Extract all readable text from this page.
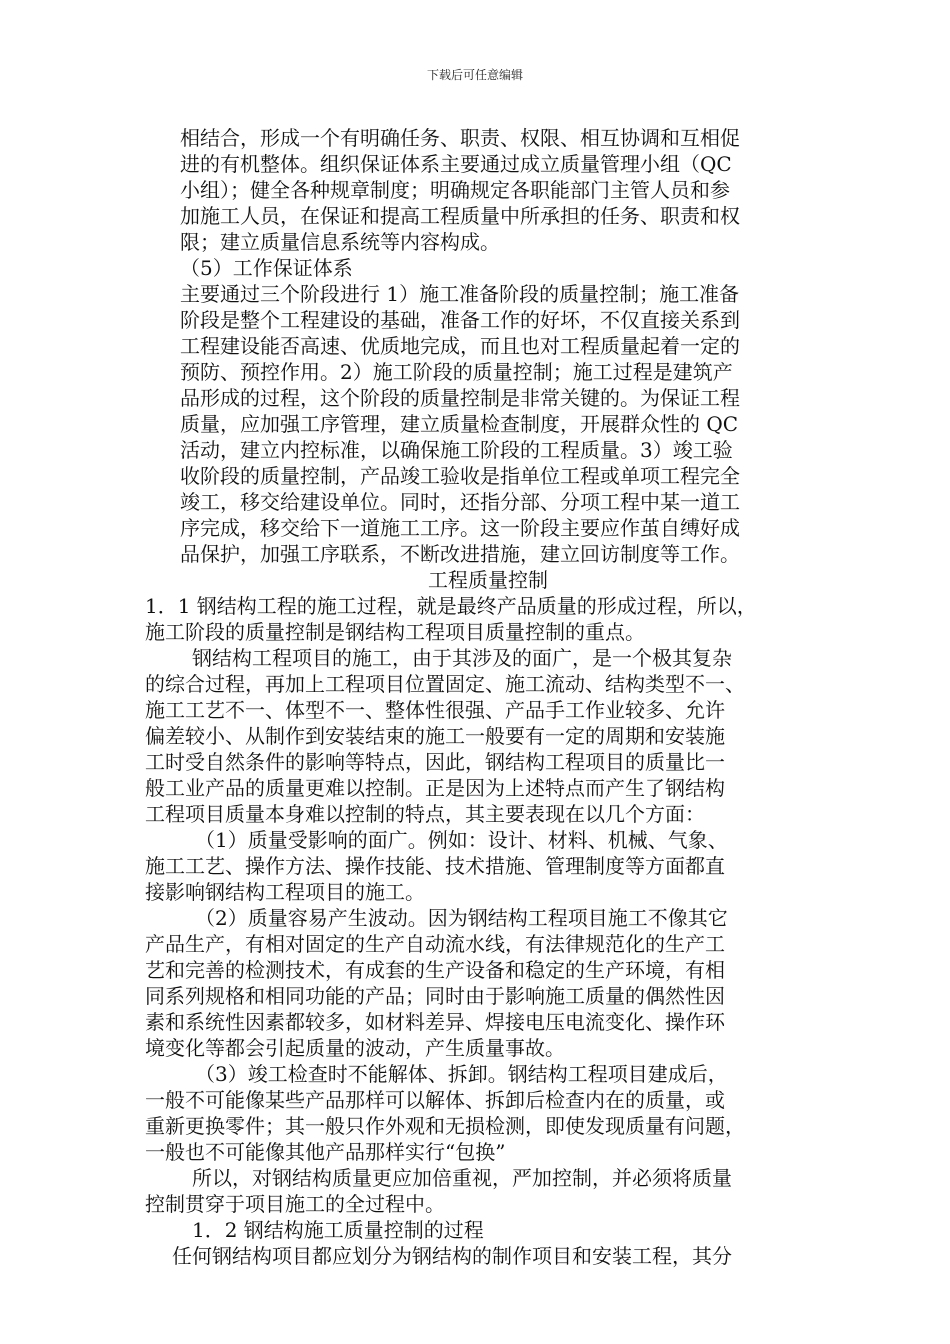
下载后可任意编辑
相结合，形成一个有明确任务、职责、权限、相互协调和互相促
进的有机整体。组织保证体系主要通过成立质量管理小组（QC
小组）；健全各种规章制度；明确规定各职能部门主管人员和参
加施工人员，在保证和提高工程质量中所承担的任务、职责和权
限；建立质量信息系统等内容构成。
（5）工作保证体系
主要通过三个阶段进行 1）施工准备阶段的质量控制；施工准备
阶段是整个工程建设的基础，准备工作的好坏，不仅直接关系到
工程建设能否高速、优质地完成，而且也对工程质量起着一定的
预防、预控作用。2）施工阶段的质量控制；施工过程是建筑产
品形成的过程，这个阶段的质量控制是非常关键的。为保证工程
质量，应加强工序管理，建立质量检查制度，开展群众性的 QC
活动，建立内控标准，以确保施工阶段的工程质量。3）竣工验
收阶段的质量控制，产品竣工验收是指单位工程或单项工程完全
竣工，移交给建设单位。同时，还指分部、分项工程中某一道工
序完成，移交给下一道施工工序。这一阶段主要应作茧自缚好成
品保护，加强工序联系，不断改进措施，建立回访制度等工作。
工程质量控制
1．1 钢结构工程的施工过程，就是最终产品质量的形成过程，所以，
施工阶段的质量控制是钢结构工程项目质量控制的重点。
钢结构工程项目的施工，由于其涉及的面广，是一个极其复杂
的综合过程，再加上工程项目位置固定、施工流动、结构类型不一、
施工工艺不一、体型不一、整体性很强、产品手工作业较多、允许
偏差较小、从制作到安装结束的施工一般要有一定的周期和安装施
工时受自然条件的影响等特点，因此，钢结构工程项目的质量比一
般工业产品的质量更难以控制。正是因为上述特点而产生了钢结构
工程项目质量本身难以控制的特点，其主要表现在以几个方面：
（1）质量受影响的面广。例如：设计、材料、机械、气象、
施工工艺、操作方法、操作技能、技术措施、管理制度等方面都直
接影响钢结构工程项目的施工。
（2）质量容易产生波动。因为钢结构工程项目施工不像其它
产品生产，有相对固定的生产自动流水线，有法律规范化的生产工
艺和完善的检测技术，有成套的生产设备和稳定的生产环境，有相
同系列规格和相同功能的产品；同时由于影响施工质量的偶然性因
素和系统性因素都较多，如材料差异、焊接电压电流变化、操作环
境变化等都会引起质量的波动，产生质量事故。
（3）竣工检查时不能解体、拆卸。钢结构工程项目建成后，
一般不可能像某些产品那样可以解体、拆卸后检查内在的质量，或
重新更换零件；其一般只作外观和无损检测，即使发现质量有问题，
一般也不可能像其他产品那样实行“包换”
所以，对钢结构质量更应加倍重视，严加控制，并必须将质量
控制贯穿于项目施工的全过程中。
1．2 钢结构施工质量控制的过程
任何钢结构项目都应划分为钢结构的制作项目和安装工程，其分
